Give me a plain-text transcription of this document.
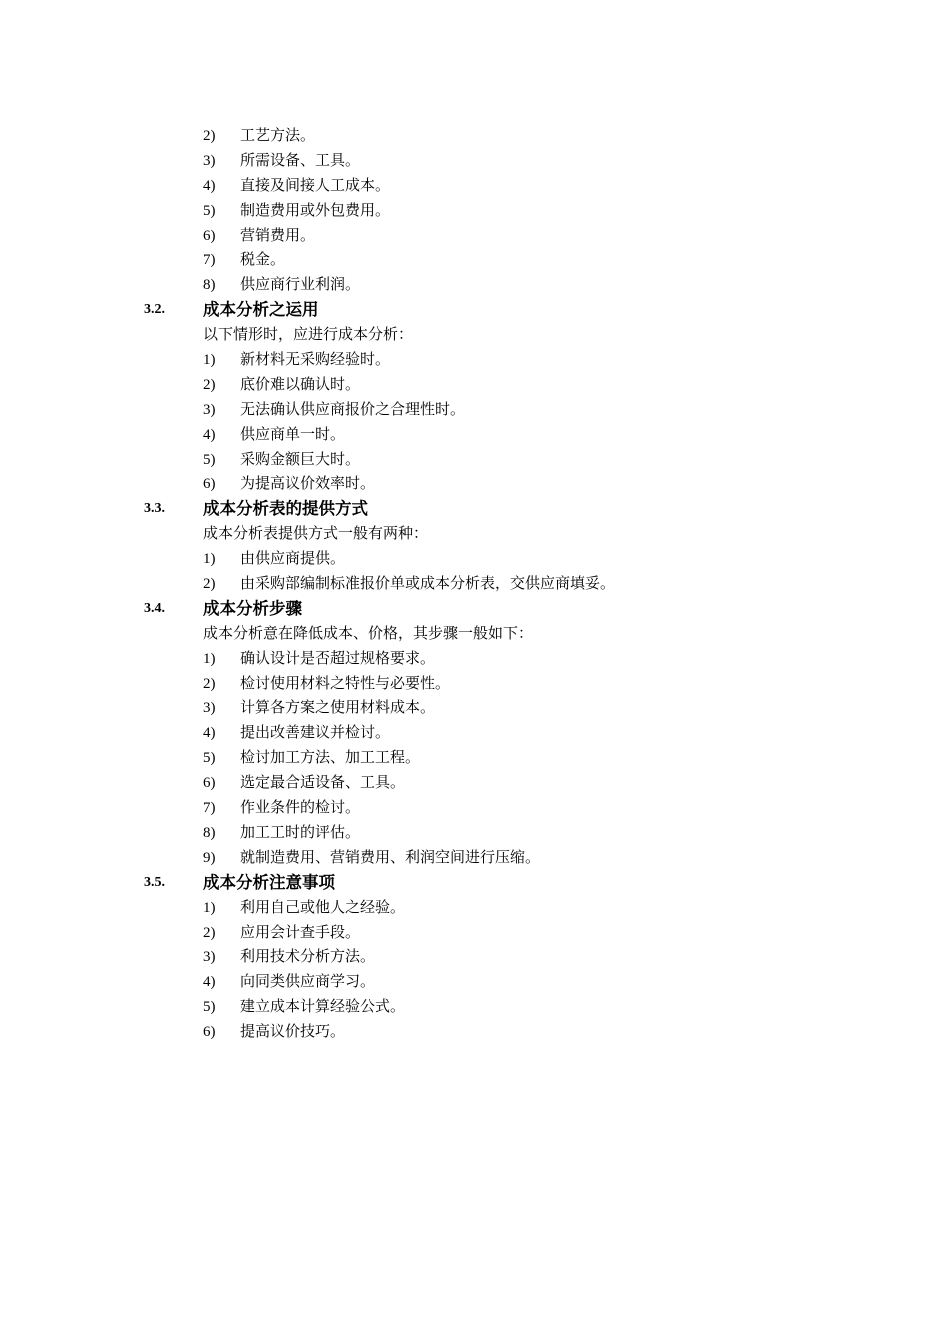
2) 工艺方法。
3) 所需设备、工具。
4) 直接及间接人工成本。
5) 制造费用或外包费用。
6) 营销费用。
7) 税金。
8) 供应商行业利润。
3.2. 成本分析之运用
以下情形时，应进行成本分析：
1) 新材料无采购经验时。
2) 底价难以确认时。
3) 无法确认供应商报价之合理性时。
4) 供应商单一时。
5) 采购金额巨大时。
6) 为提高议价效率时。
3.3. 成本分析表的提供方式
成本分析表提供方式一般有两种：
1) 由供应商提供。
2) 由采购部编制标准报价单或成本分析表，交供应商填妥。
3.4. 成本分析步骤
成本分析意在降低成本、价格，其步骤一般如下：
1) 确认设计是否超过规格要求。
2) 检讨使用材料之特性与必要性。
3) 计算各方案之使用材料成本。
4) 提出改善建议并检讨。
5) 检讨加工方法、加工工程。
6) 选定最合适设备、工具。
7) 作业条件的检讨。
8) 加工工时的评估。
9) 就制造费用、营销费用、利润空间进行压缩。
3.5. 成本分析注意事项
1) 利用自己或他人之经验。
2) 应用会计查手段。
3) 利用技术分析方法。
4) 向同类供应商学习。
5) 建立成本计算经验公式。
6) 提高议价技巧。
